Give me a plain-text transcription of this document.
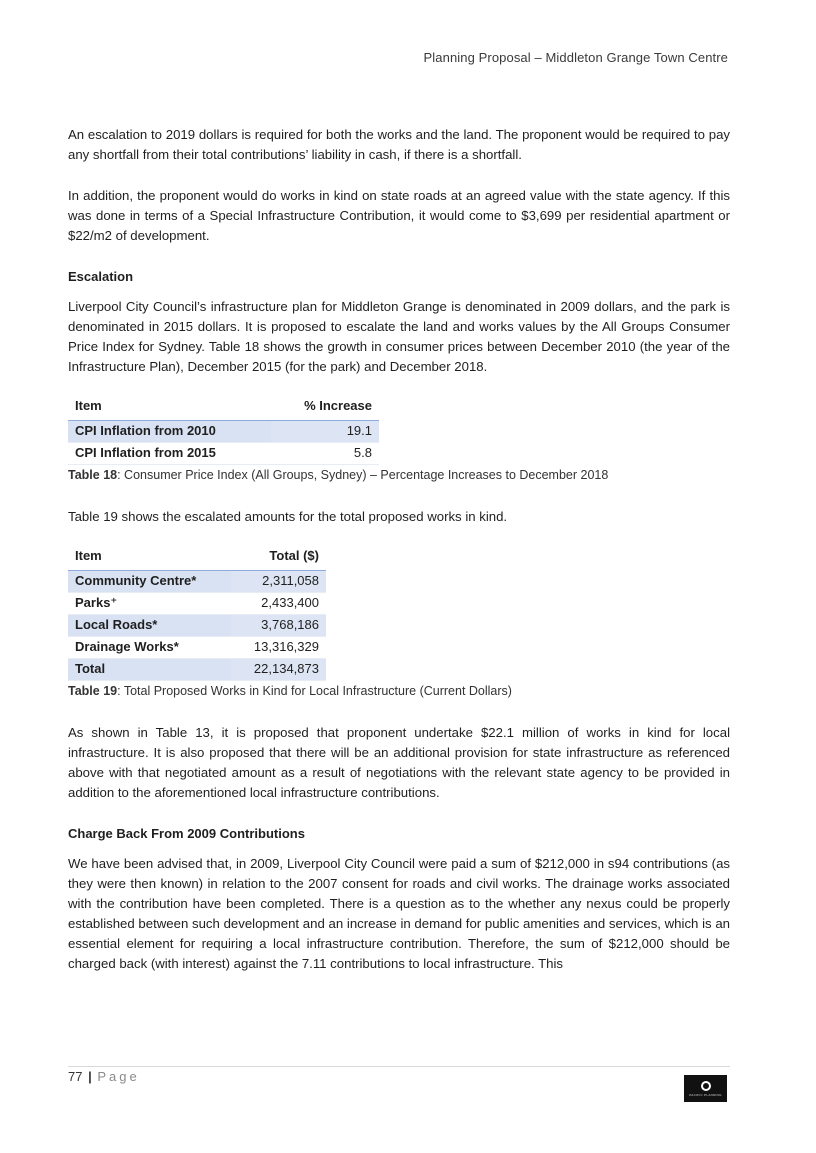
Planning Proposal – Middleton Grange Town Centre

An escalation to 2019 dollars is required for both the works and the land. The proponent would be required to pay any shortfall from their total contributions’ liability in cash, if there is a shortfall.

In addition, the proponent would do works in kind on state roads at an agreed value with the state agency. If this was done in terms of a Special Infrastructure Contribution, it would come to $3,699 per residential apartment or $22/m2 of development.

Escalation

Liverpool City Council’s infrastructure plan for Middleton Grange is denominated in 2009 dollars, and the park is denominated in 2015 dollars. It is proposed to escalate the land and works values by the All Groups Consumer Price Index for Sydney. Table 18 shows the growth in consumer prices between December 2010 (the year of the Infrastructure Plan), December 2015 (for the park) and December 2018.

Item	% Increase
CPI Inflation from 2010	19.1
CPI Inflation from 2015	5.8
Table 18: Consumer Price Index (All Groups, Sydney) – Percentage Increases to December 2018

Table 19 shows the escalated amounts for the total proposed works in kind.

Item	Total ($)
Community Centre*	2,311,058
Parks⁺	2,433,400
Local Roads*	3,768,186
Drainage Works*	13,316,329
Total	22,134,873
Table 19: Total Proposed Works in Kind for Local Infrastructure (Current Dollars)

As shown in Table 13, it is proposed that proponent undertake $22.1 million of works in kind for local infrastructure. It is also proposed that there will be an additional provision for state infrastructure as referenced above with that negotiated amount as a result of negotiations with the relevant state agency to be provided in addition to the aforementioned local infrastructure contributions.

Charge Back From 2009 Contributions

We have been advised that, in 2009, Liverpool City Council were paid a sum of $212,000 in s94 contributions (as they were then known) in relation to the 2007 consent for roads and civil works. The drainage works associated with the contribution have been completed. There is a question as to the whether any nexus could be properly established between such development and an increase in demand for public amenities and services, which is an essential element for requiring a local infrastructure contribution. Therefore, the sum of $212,000 should be charged back (with interest) against the 7.11 contributions to local infrastructure. This

77 | Page
PACIFIC PLANNING
